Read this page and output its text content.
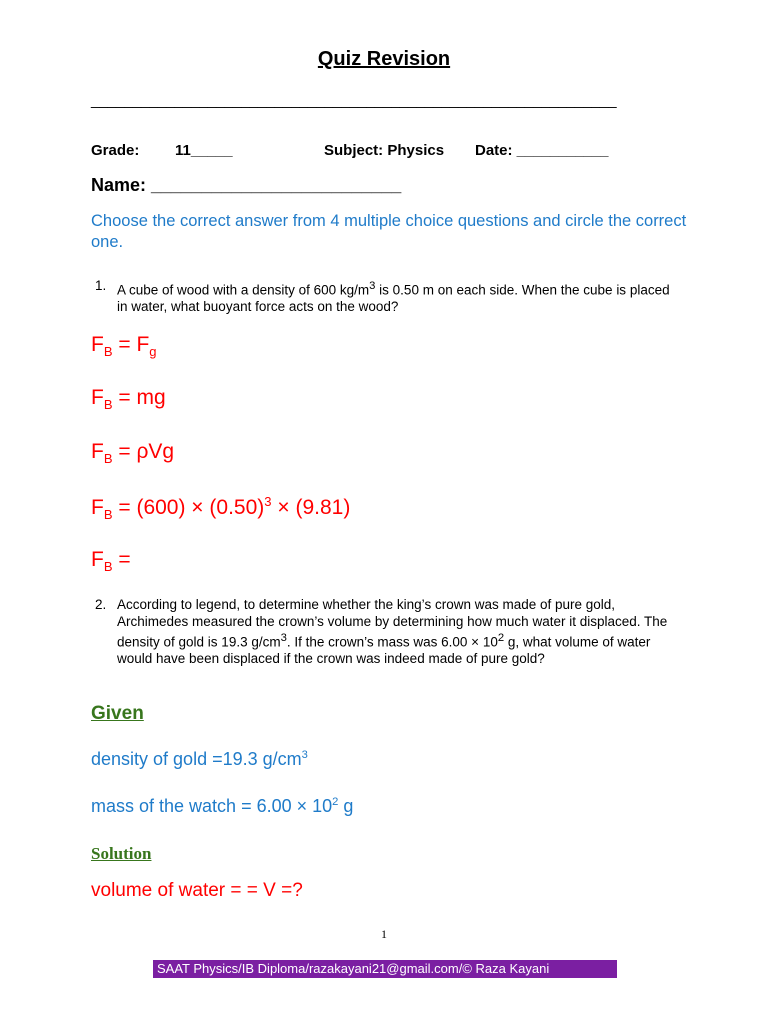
Quiz Revision
_______________________________________________________________
Grade: 11_____	Subject: Physics Date: ___________
Name: _________________________
Choose the correct answer from 4 multiple choice questions and circle the correct one.
1. A cube of wood with a density of 600 $kg/m^3$ is 0.50 m on each side. When the cube is placed in water, what buoyant force acts on the wood?
$F_B = F_g$
$F_B$ = mg
$F_B = \rho Vg$
$F_B = (600) \times (0.50)^3 \times (9.81)$
$F_B$ =
2. According to legend, to determine whether the king’s crown was made of pure gold, Archimedes measured the crown’s volume by determining how much water it displaced. The density of gold is 19.3 $g/cm^3$. If the crown’s mass was $6.00 \times 10^2$ g, what volume of water would have been displaced if the crown was indeed made of pure gold?
Given
density of gold =19.3 $g/cm^3$
mass of the watch = $6.00 \times 10^2$ g
Solution
volume of water = = V =?
1
SAAT Physics/IB Diploma/razakayani21@gmail.com/© Raza Kayani
